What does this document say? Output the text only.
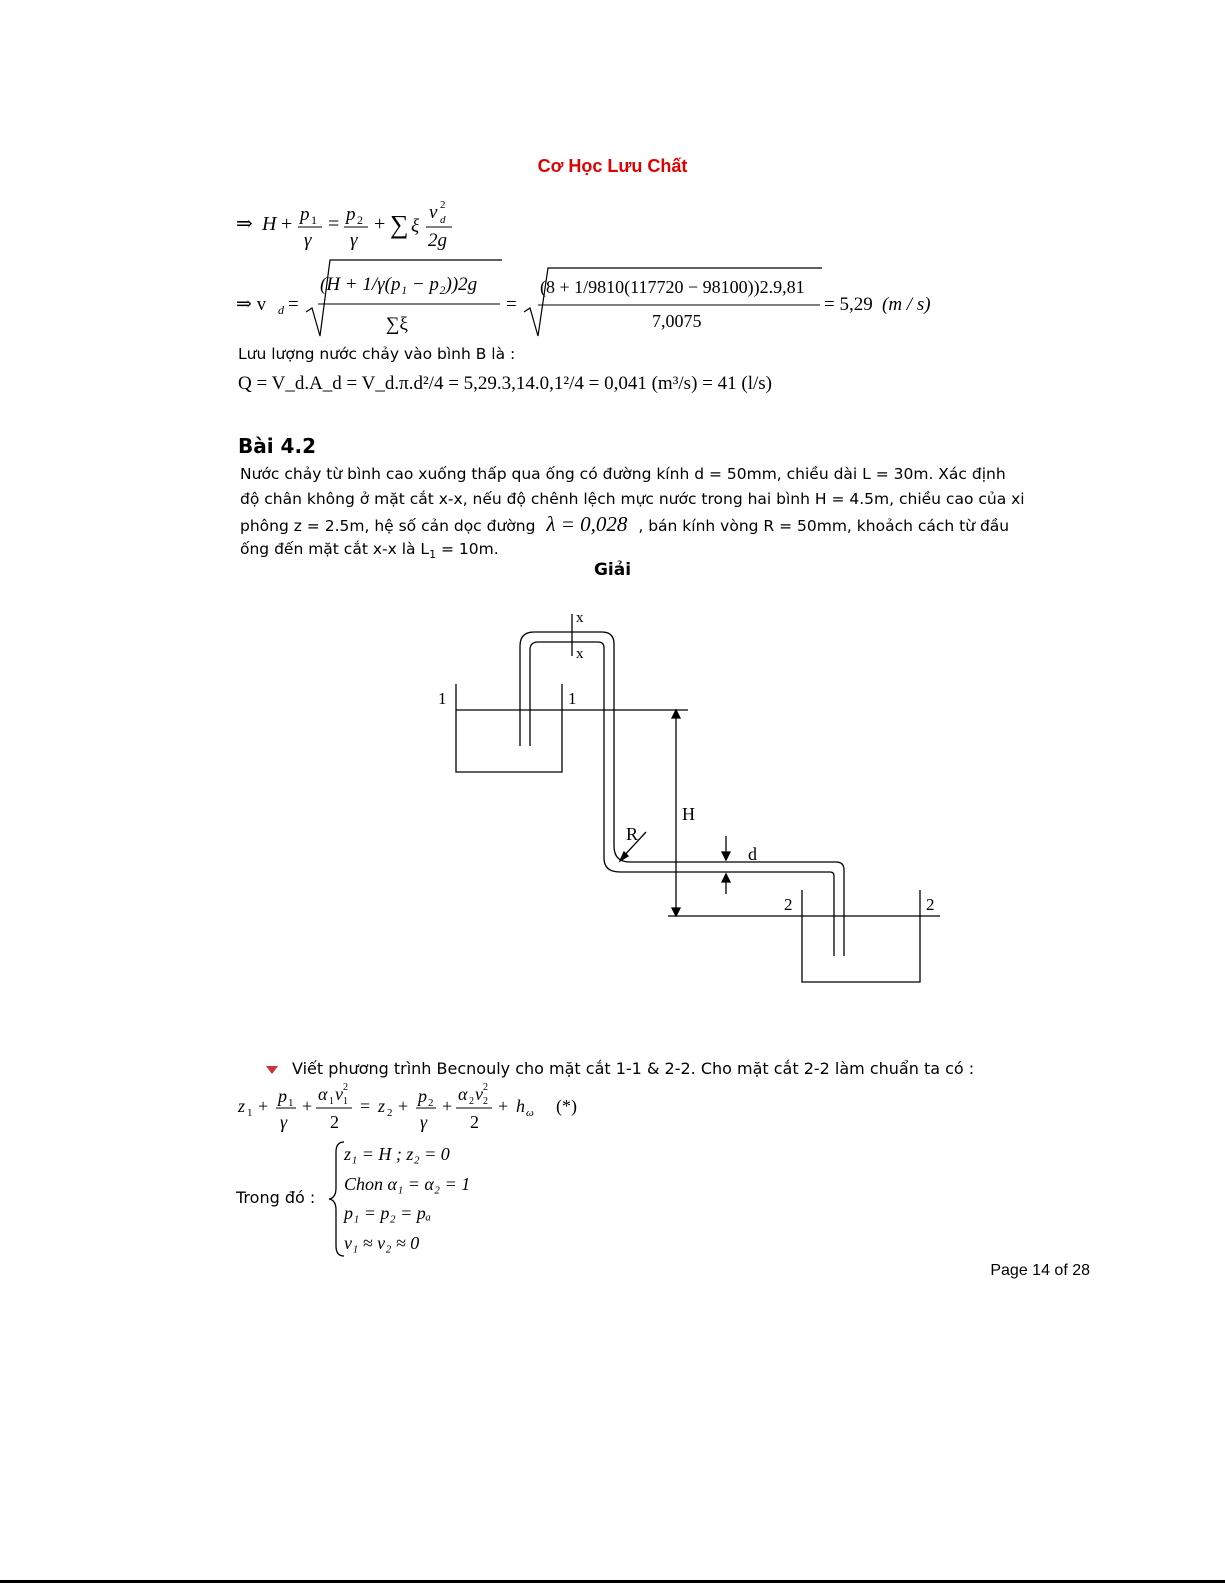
Cơ Học Lưu Chất
⇒ H + p 1
γ
= p 2
γ
+ ∑ ξ
v 2
d
2g
⇒ v d =
(H + 1/γ(p₁ − p₂))2g
∑ξ
=
(8 + 1/9810(117720 − 98100))2.9,81
7,0075
= 5,29 (m / s)
Lưu lượng nước chảy vào bình B là :
Q = V_d.A_d = V_d.π.d²/4 = 5,29.3,14.0,1²/4 = 0,041 (m³/s) = 41 (l/s)
Bài 4.2
Nước chảy từ bình cao xuống thấp qua ống có đường kính d = 50mm, chiều dài L = 30m. Xác định
độ chân không ở mặt cắt x-x, nếu độ chênh lệch mực nước trong hai bình H = 4.5m, chiều cao của xi
phông z = 2.5m, hệ số cản dọc đường λ = 0,028 , bán kính vòng R = 50mm, khoảch cách từ đầu
ống đến mặt cắt x-x là $L_1 = 10m$.
Giải
x
x
1	1
H
R
d
2	2
Viết phương trình Becnouly cho mặt cắt 1-1 & 2-2. Cho mặt cắt 2-2 làm chuẩn ta có :
z 1 + p 1
γ
+
α 1 v 2
1
2
= z 2 + p 2
γ
+
α 2 v 2
2
2
+ h ω (*)
Trong đó :
z₁ = H ; z₂ = 0
Chon α₁ = α₂ = 1
p₁ = p₂ = pₐ
v₁ ≈ v₂ ≈ 0
Page 14 of 28
